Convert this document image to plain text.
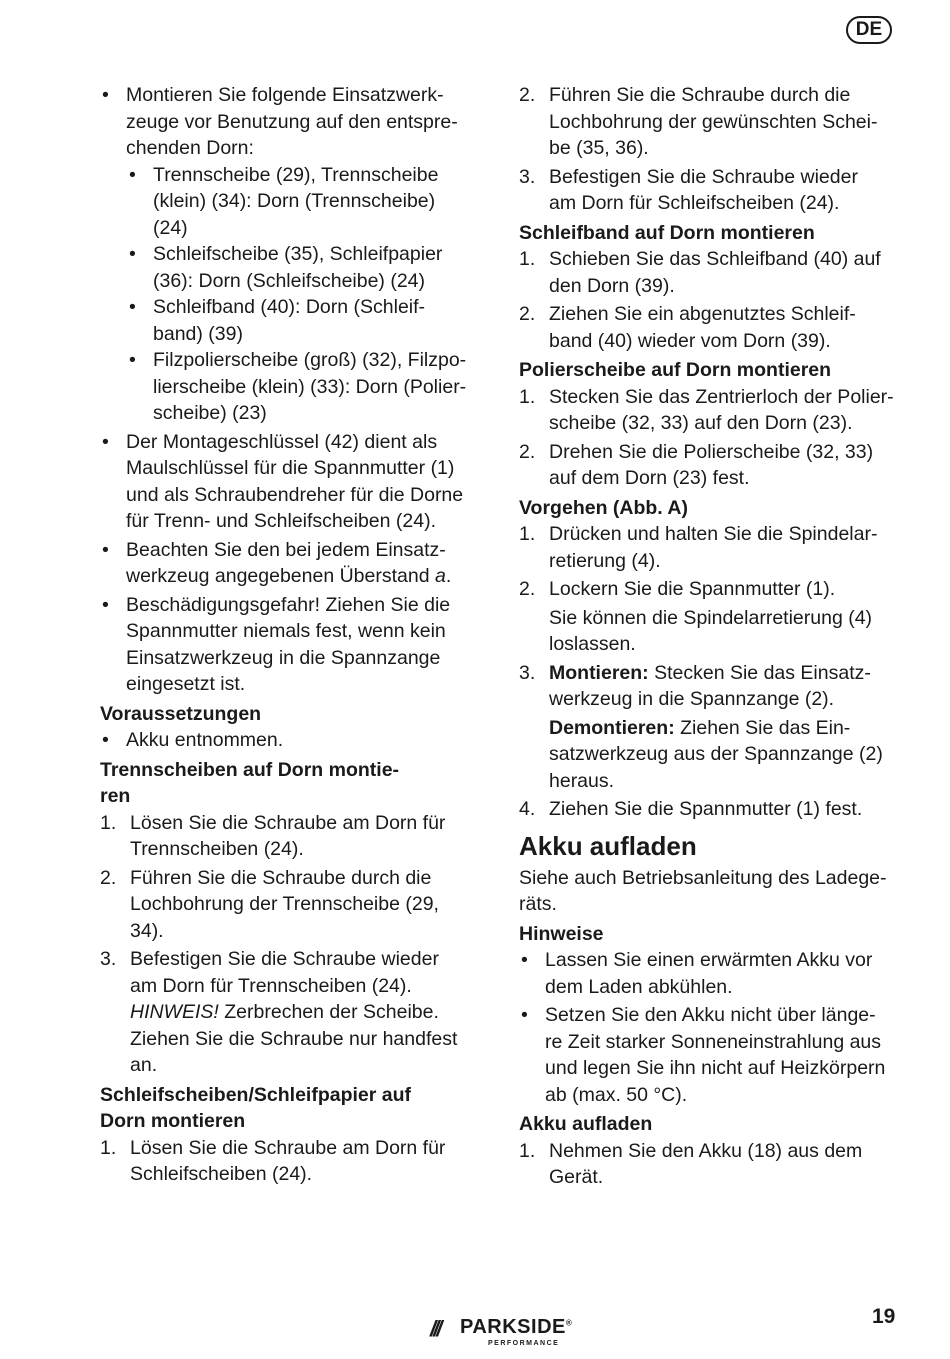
DE
• Montieren Sie folgende Einsatzwerk-
zeuge vor Benutzung auf den entspre-
chenden Dorn:
• Trennscheibe (29), Trennscheibe
(klein) (34): Dorn (Trennscheibe)
(24)
• Schleifscheibe (35), Schleifpapier
(36): Dorn (Schleifscheibe) (24)
• Schleifband (40): Dorn (Schleif-
band) (39)
• Filzpolierscheibe (groß) (32), Filzpo-
lierscheibe (klein) (33): Dorn (Polier-
scheibe) (23)
• Der Montageschlüssel (42) dient als
Maulschlüssel für die Spannmutter (1)
und als Schraubendreher für die Dorne
für Trenn- und Schleifscheiben (24).
• Beachten Sie den bei jedem Einsatz-
werkzeug angegebenen Überstand a.
• Beschädigungsgefahr! Ziehen Sie die
Spannmutter niemals fest, wenn kein
Einsatzwerkzeug in die Spannzange
eingesetzt ist.
Voraussetzungen
• Akku entnommen.
Trennscheiben auf Dorn montie-
ren
1. Lösen Sie die Schraube am Dorn für
Trennscheiben (24).
2. Führen Sie die Schraube durch die
Lochbohrung der Trennscheibe (29,
34).
3. Befestigen Sie die Schraube wieder
am Dorn für Trennscheiben (24).
HINWEIS! Zerbrechen der Scheibe.
Ziehen Sie die Schraube nur handfest
an.
Schleifscheiben/Schleifpapier auf
Dorn montieren
1. Lösen Sie die Schraube am Dorn für
Schleifscheiben (24).
2. Führen Sie die Schraube durch die
Lochbohrung der gewünschten Schei-
be (35, 36).
3. Befestigen Sie die Schraube wieder
am Dorn für Schleifscheiben (24).
Schleifband auf Dorn montieren
1. Schieben Sie das Schleifband (40) auf
den Dorn (39).
2. Ziehen Sie ein abgenutztes Schleif-
band (40) wieder vom Dorn (39).
Polierscheibe auf Dorn montieren
1. Stecken Sie das Zentrierloch der Polier-
scheibe (32, 33) auf den Dorn (23).
2. Drehen Sie die Polierscheibe (32, 33)
auf dem Dorn (23) fest.
Vorgehen (Abb. A)
1. Drücken und halten Sie die Spindelar-
retierung (4).
2. Lockern Sie die Spannmutter (1).
Sie können die Spindelarretierung (4)
loslassen.
3. Montieren: Stecken Sie das Einsatz-
werkzeug in die Spannzange (2).
Demontieren: Ziehen Sie das Ein-
satzwerkzeug aus der Spannzange (2)
heraus.
4. Ziehen Sie die Spannmutter (1) fest.
Akku aufladen
Siehe auch Betriebsanleitung des Ladege-
räts.
Hinweise
• Lassen Sie einen erwärmten Akku vor
dem Laden abkühlen.
• Setzen Sie den Akku nicht über länge-
re Zeit starker Sonneneinstrahlung aus
und legen Sie ihn nicht auf Heizkörpern
ab (max. 50 °C).
Akku aufladen
1. Nehmen Sie den Akku (18) aus dem
Gerät.
/// PARKSIDE®
PERFORMANCE
19
